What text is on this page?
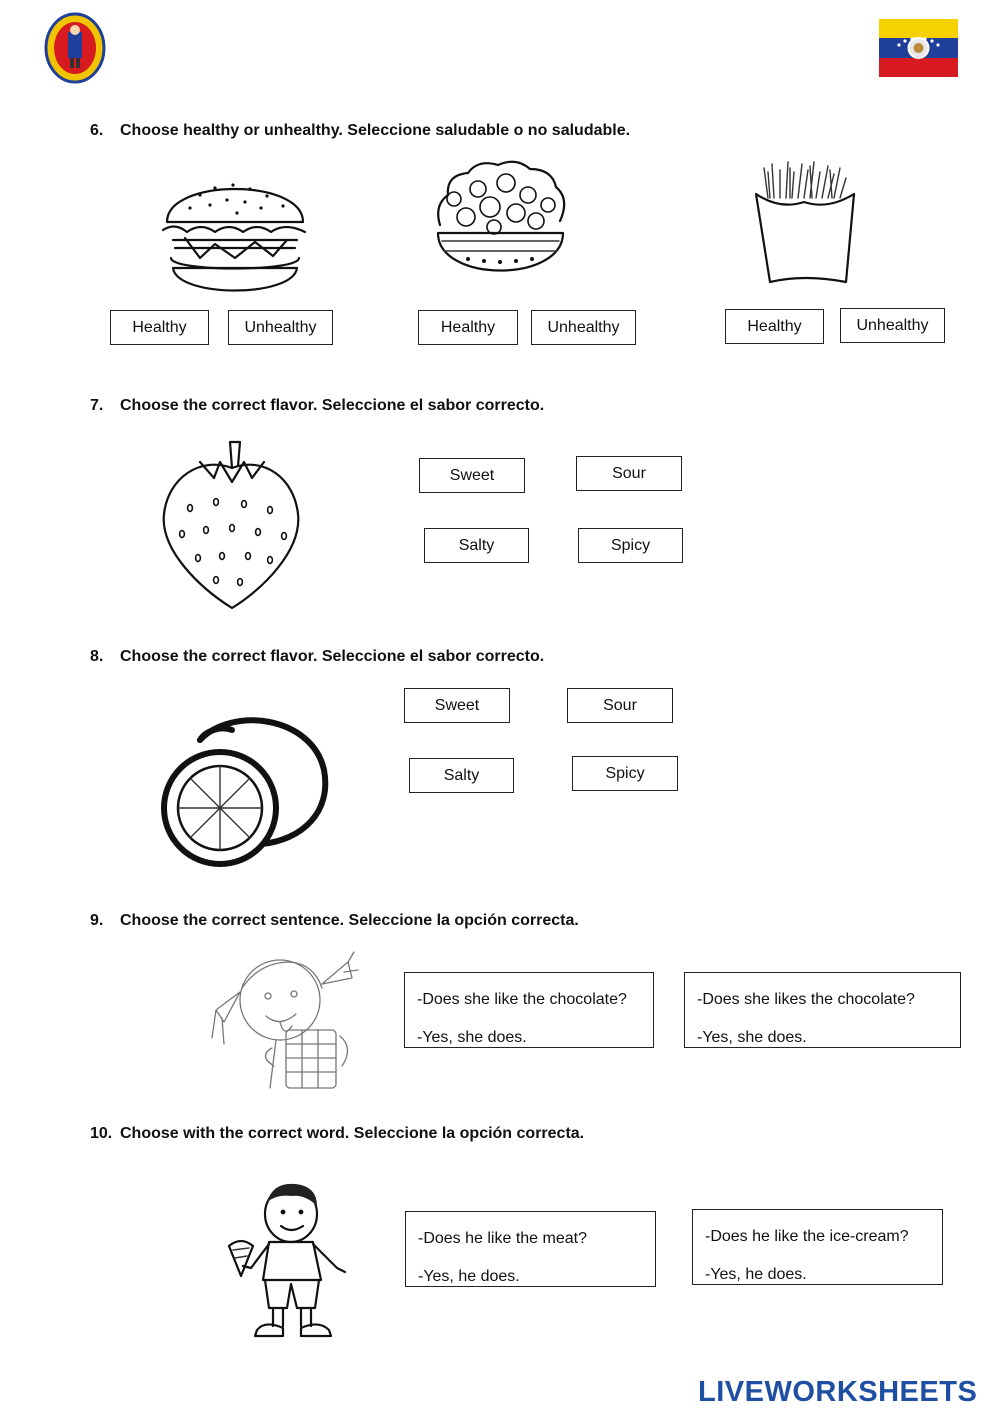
6. Choose healthy or unhealthy. Seleccione saludable o no saludable.
Healthy	Unhealthy	Healthy	Unhealthy	Healthy	Unhealthy
7. Choose the correct flavor. Seleccione el sabor correcto.
Sweet	Sour
Salty	Spicy
8. Choose the correct flavor. Seleccione el sabor correcto.
Sweet	Sour
Salty	Spicy
9. Choose the correct sentence. Seleccione la opción correcta.
-Does she like the chocolate?
-Yes, she does.
-Does she likes the chocolate?
-Yes, she does.
10. Choose with the correct word. Seleccione la opción correcta.
-Does he like the meat?
-Yes, he does.
-Does he like the ice-cream?
-Yes, he does.
LIVEWORKSHEETS
